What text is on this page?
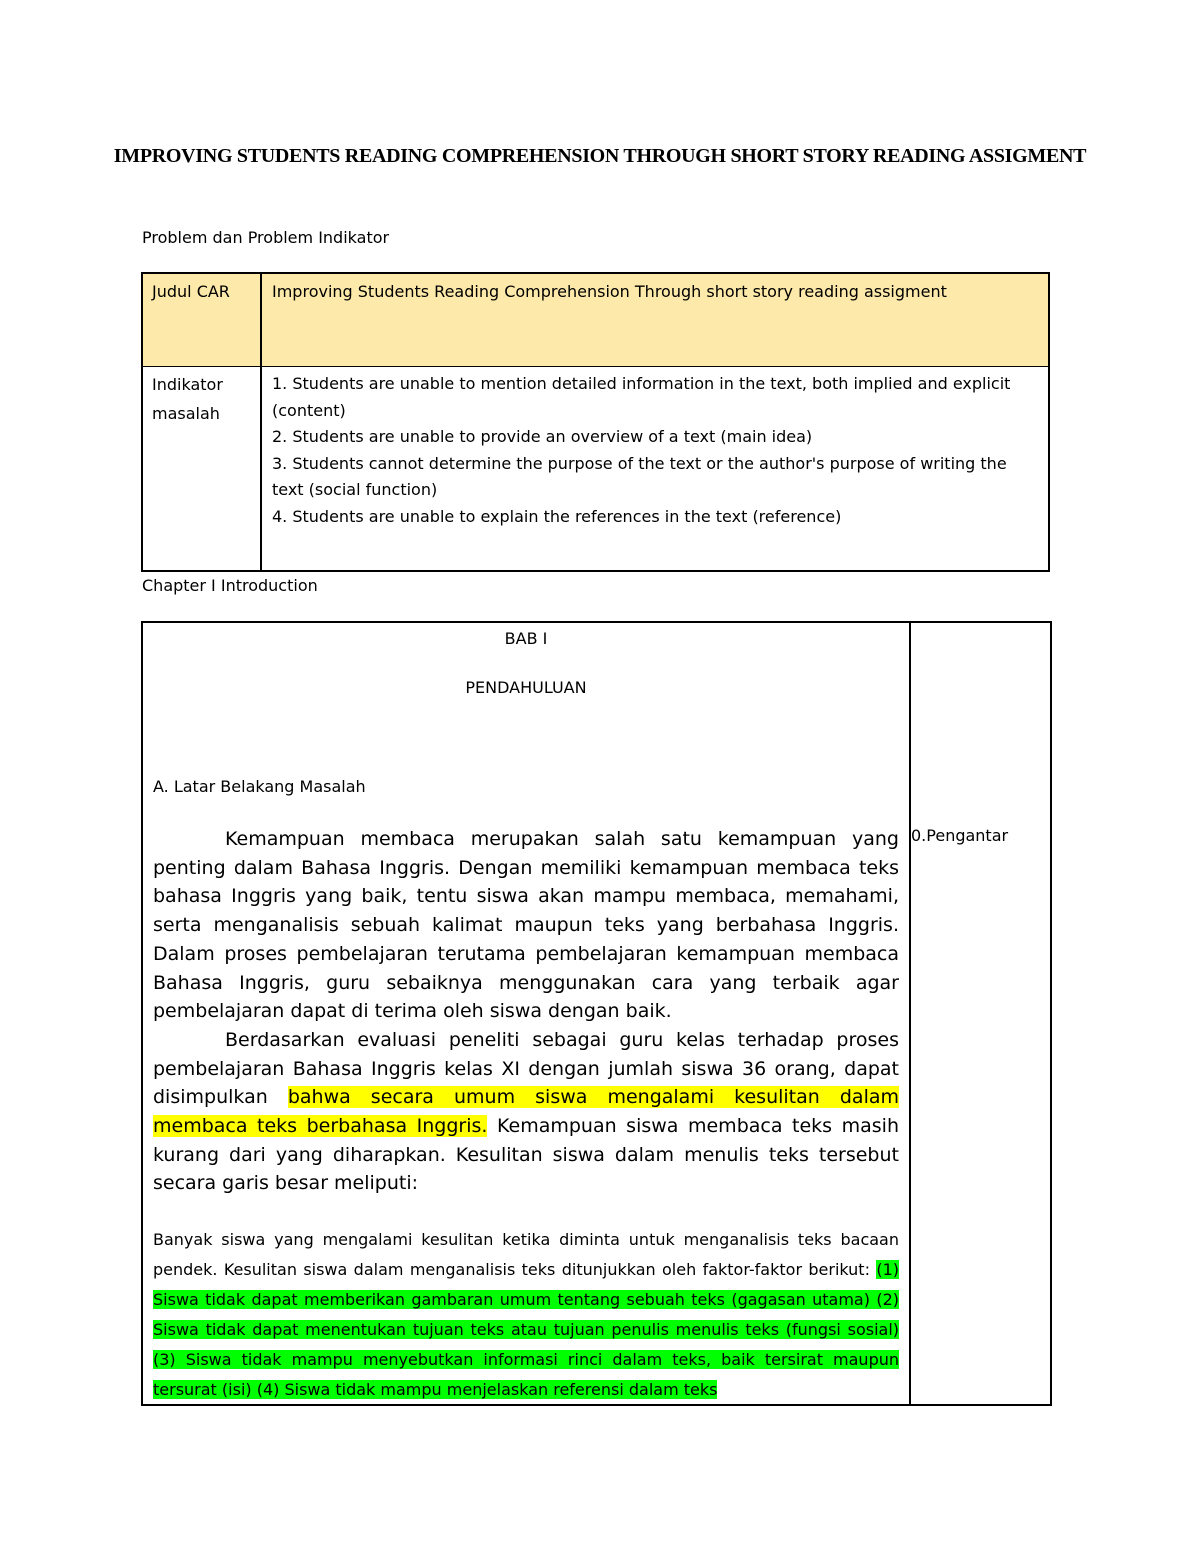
IMPROVING STUDENTS READING COMPREHENSION THROUGH SHORT STORY READING ASSIGMENT
Problem dan Problem Indikator
Judul CAR	Improving Students Reading Comprehension Through short story reading assigment
Indikator masalah
1. Students are unable to mention detailed information in the text, both implied and explicit (content)
2. Students are unable to provide an overview of a text (main idea)
3. Students cannot determine the purpose of the text or the author's purpose of writing the text (social function)
4. Students are unable to explain the references in the text (reference)
Chapter I Introduction
BAB I
PENDAHULUAN
A. Latar Belakang Masalah

Kemampuan membaca merupakan salah satu kemampuan yang penting dalam Bahasa Inggris. Dengan memiliki kemampuan membaca teks bahasa Inggris yang baik, tentu siswa akan mampu membaca, memahami, serta menganalisis sebuah kalimat maupun teks yang berbahasa Inggris. Dalam proses pembelajaran terutama pembelajaran kemampuan membaca Bahasa Inggris, guru sebaiknya menggunakan cara yang terbaik agar pembelajaran dapat di terima oleh siswa dengan baik.

Berdasarkan evaluasi peneliti sebagai guru kelas terhadap proses pembelajaran Bahasa Inggris kelas XI dengan jumlah siswa 36 orang, dapat disimpulkan bahwa secara umum siswa mengalami kesulitan dalam membaca teks berbahasa Inggris. Kemampuan siswa membaca teks masih kurang dari yang diharapkan. Kesulitan siswa dalam menulis teks tersebut secara garis besar meliputi:

Banyak siswa yang mengalami kesulitan ketika diminta untuk menganalisis teks bacaan pendek. Kesulitan siswa dalam menganalisis teks ditunjukkan oleh faktor-faktor berikut: (1) Siswa tidak dapat memberikan gambaran umum tentang sebuah teks (gagasan utama) (2) Siswa tidak dapat menentukan tujuan teks atau tujuan penulis menulis teks (fungsi sosial) (3) Siswa tidak mampu menyebutkan informasi rinci dalam teks, baik tersirat maupun tersurat (isi) (4) Siswa tidak mampu menjelaskan referensi dalam teks
0.Pengantar
